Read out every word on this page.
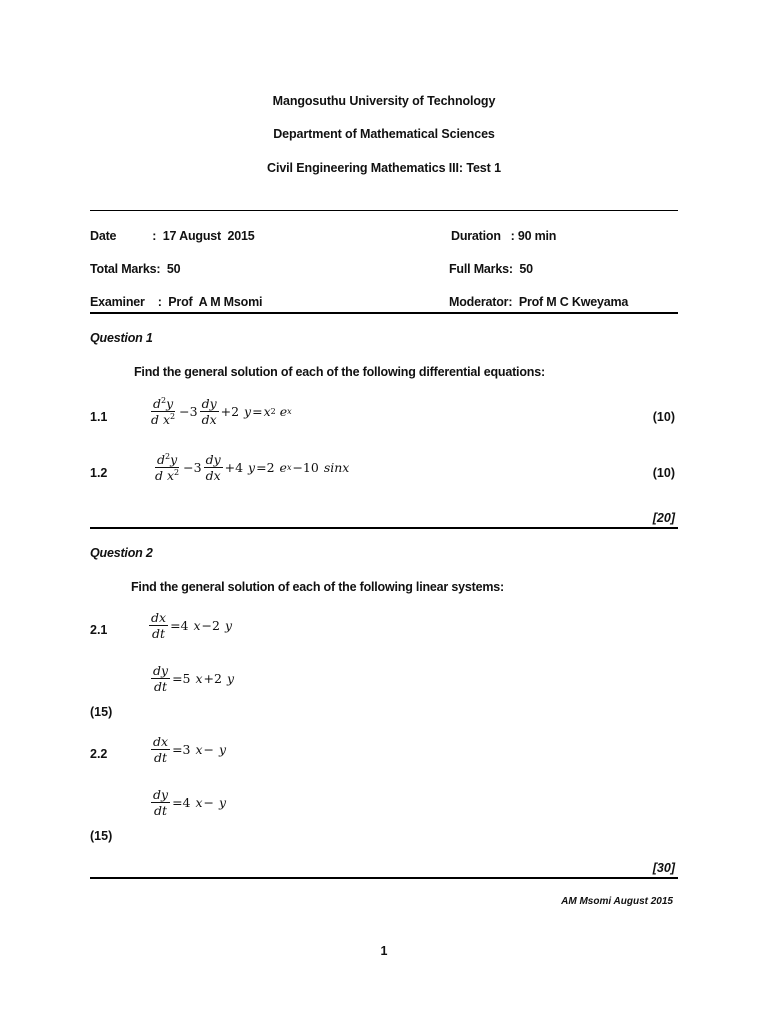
Mangosuthu University of Technology
Department of Mathematical Sciences
Civil Engineering Mathematics III: Test 1
Date           :  17 August  2015	Duration   : 90 min
Total Marks:  50	Full Marks:  50
Examiner    :  Prof  A M Msomi	Moderator:  Prof M C Kweyama
Question 1
Find the general solution of each of the following differential equations:
1.1	$\frac{d^2y}{d x^2} -3 \frac{dy}{dx} +2$ y = x 2 e x	(10)
1.2	$\frac{d^2y}{d x^2} -3 \frac{dy}{dx} +4$ y =2 e x −10 sinx	(10)
[20]
Question 2
Find the general solution of each of the following linear systems:
2.1	$\frac{dx}{dt} =4$ x −2 y
$\frac{dy}{dt} =5$ x +2 y
(15)
2.2	$\frac{dx}{dt} =3$ x − y
$\frac{dy}{dt} =4$ x − y
(15)
[30]
AM Msomi August 2015
1
